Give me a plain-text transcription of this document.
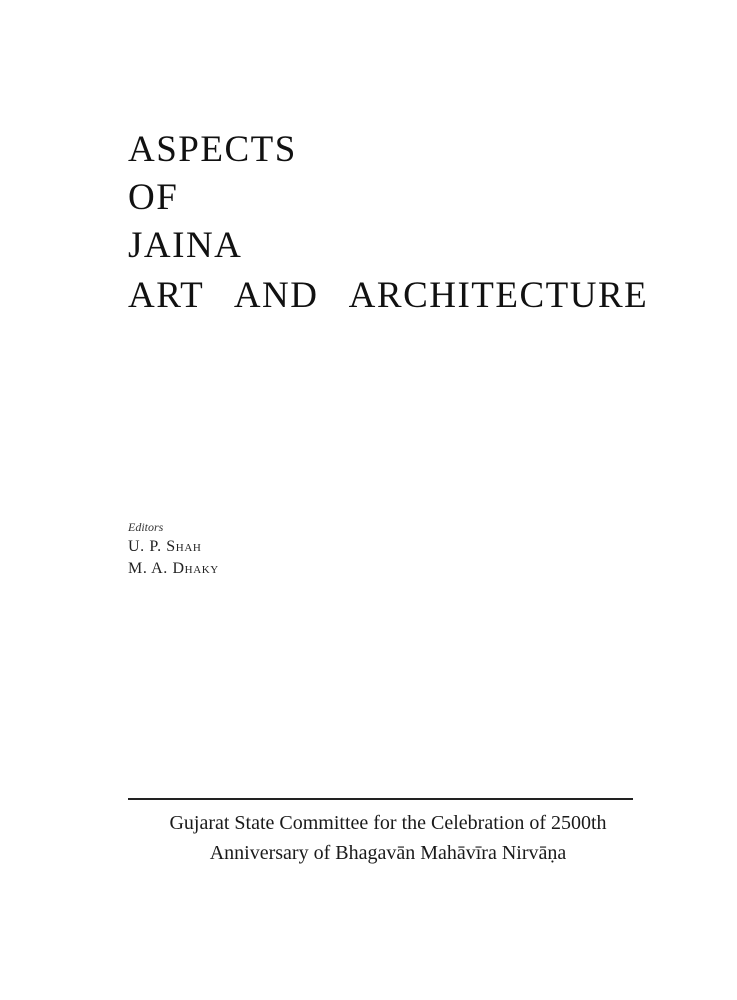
ASPECTS
OF
JAINA
ART   AND   ARCHITECTURE
Editors
U. P. Shah
M. A. Dhaky
Gujarat State Committee for the Celebration of 2500th
Anniversary of Bhagavān Mahāvīra Nirvāṇa
